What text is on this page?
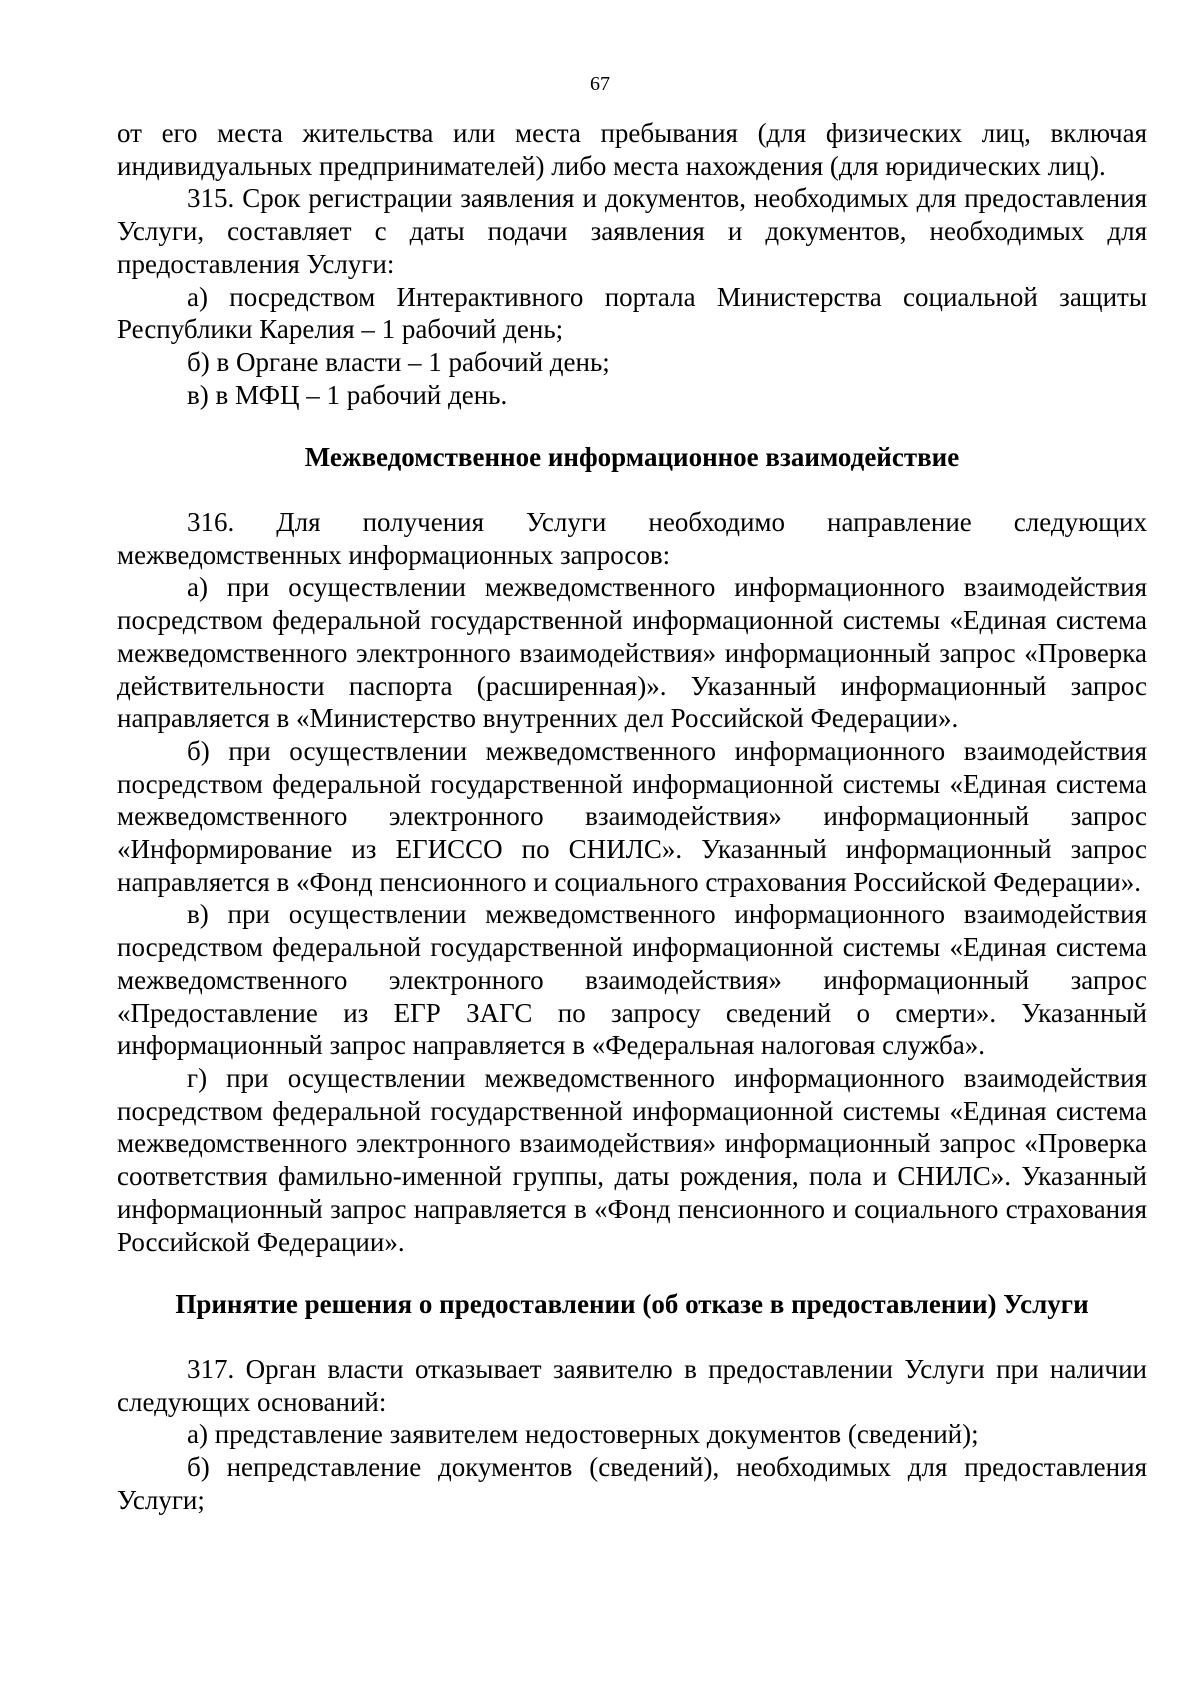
67

от его места жительства или места пребывания (для физических лиц, включая индивидуальных предпринимателей) либо места нахождения (для юридических лиц).

315. Срок регистрации заявления и документов, необходимых для предоставления Услуги, составляет с даты подачи заявления и документов, необходимых для предоставления Услуги:

а) посредством Интерактивного портала Министерства социальной защиты Республики Карелия – 1 рабочий день;

б) в Органе власти – 1 рабочий день;

в) в МФЦ – 1 рабочий день.

Межведомственное информационное взаимодействие

316. Для получения Услуги необходимо направление следующих межведомственных информационных запросов:

а) при осуществлении межведомственного информационного взаимодействия посредством федеральной государственной информационной системы «Единая система межведомственного электронного взаимодействия» информационный запрос «Проверка действительности паспорта (расширенная)». Указанный информационный запрос направляется в «Министерство внутренних дел Российской Федерации».

б) при осуществлении межведомственного информационного взаимодействия посредством федеральной государственной информационной системы «Единая система межведомственного электронного взаимодействия» информационный запрос «Информирование из ЕГИССО по СНИЛС». Указанный информационный запрос направляется в «Фонд пенсионного и социального страхования Российской Федерации».

в) при осуществлении межведомственного информационного взаимодействия посредством федеральной государственной информационной системы «Единая система межведомственного электронного взаимодействия» информационный запрос «Предоставление из ЕГР ЗАГС по запросу сведений о смерти». Указанный информационный запрос направляется в «Федеральная налоговая служба».

г) при осуществлении межведомственного информационного взаимодействия посредством федеральной государственной информационной системы «Единая система межведомственного электронного взаимодействия» информационный запрос «Проверка соответствия фамильно-именной группы, даты рождения, пола и СНИЛС». Указанный информационный запрос направляется в «Фонд пенсионного и социального страхования Российской Федерации».

Принятие решения о предоставлении (об отказе в предоставлении) Услуги

317. Орган власти отказывает заявителю в предоставлении Услуги при наличии следующих оснований:

а) представление заявителем недостоверных документов (сведений);

б) непредставление документов (сведений), необходимых для предоставления Услуги;
